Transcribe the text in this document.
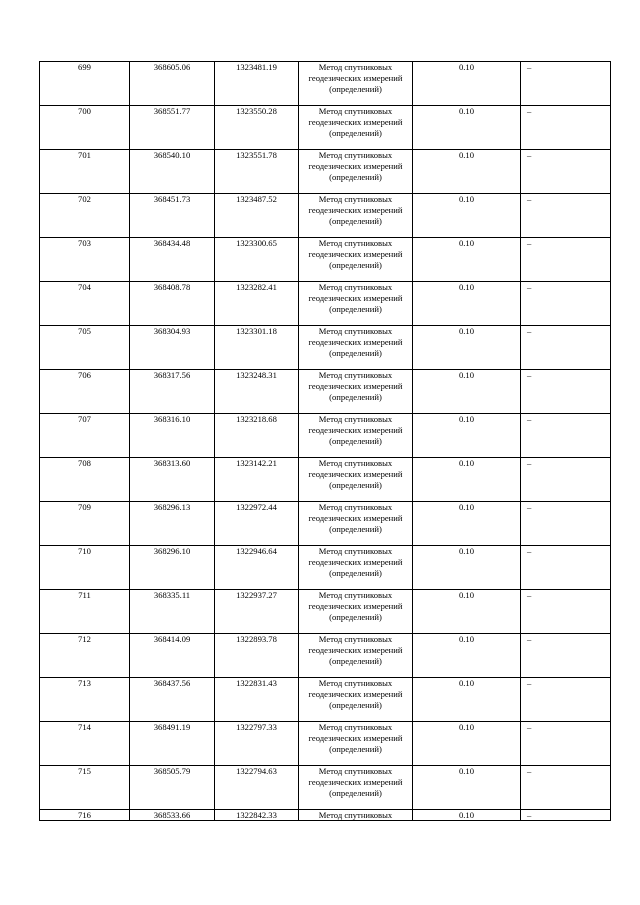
699	368605.06	1323481.19	Метод спутниковых геодезических измерений (определений)	0.10	–
700	368551.77	1323550.28	Метод спутниковых геодезических измерений (определений)	0.10	–
701	368540.10	1323551.78	Метод спутниковых геодезических измерений (определений)	0.10	–
702	368451.73	1323487.52	Метод спутниковых геодезических измерений (определений)	0.10	–
703	368434.48	1323300.65	Метод спутниковых геодезических измерений (определений)	0.10	–
704	368408.78	1323282.41	Метод спутниковых геодезических измерений (определений)	0.10	–
705	368304.93	1323301.18	Метод спутниковых геодезических измерений (определений)	0.10	–
706	368317.56	1323248.31	Метод спутниковых геодезических измерений (определений)	0.10	–
707	368316.10	1323218.68	Метод спутниковых геодезических измерений (определений)	0.10	–
708	368313.60	1323142.21	Метод спутниковых геодезических измерений (определений)	0.10	–
709	368296.13	1322972.44	Метод спутниковых геодезических измерений (определений)	0.10	–
710	368296.10	1322946.64	Метод спутниковых геодезических измерений (определений)	0.10	–
711	368335.11	1322937.27	Метод спутниковых геодезических измерений (определений)	0.10	–
712	368414.09	1322893.78	Метод спутниковых геодезических измерений (определений)	0.10	–
713	368437.56	1322831.43	Метод спутниковых геодезических измерений (определений)	0.10	–
714	368491.19	1322797.33	Метод спутниковых геодезических измерений (определений)	0.10	–
715	368505.79	1322794.63	Метод спутниковых геодезических измерений (определений)	0.10	–
716	368533.66	1322842.33	Метод спутниковых	0.10	–
